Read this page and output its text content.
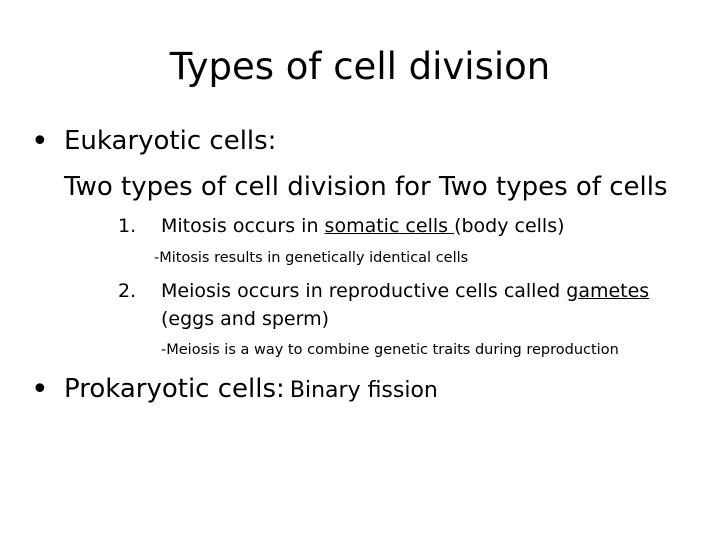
Types of cell division
• Eukaryotic cells:
Two types of cell division for Two types of cells
1. Mitosis occurs in somatic cells (body cells)
-Mitosis results in genetically identical cells
2. Meiosis occurs in reproductive cells called gametes
(eggs and sperm)
-Meiosis is a way to combine genetic traits during reproduction
• Prokaryotic cells: Binary fission
